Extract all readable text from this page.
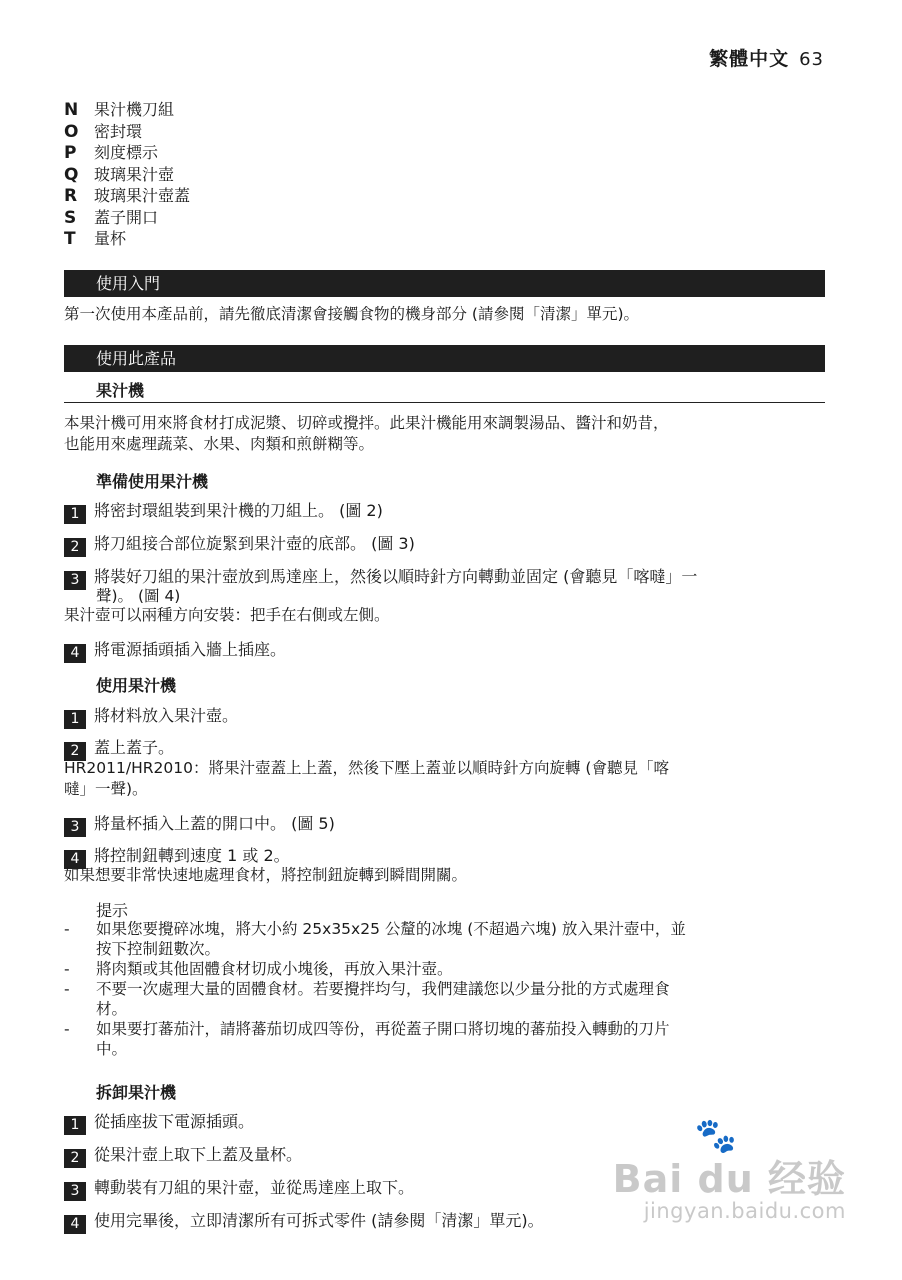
繁體中文 63
N 果汁機刀組
O 密封環
P 刻度標示
Q 玻璃果汁壺
R 玻璃果汁壺蓋
S 蓋子開口
T 量杯
使用入門
第一次使用本產品前，請先徹底清潔會接觸食物的機身部分 (請參閱「清潔」單元)。
使用此產品
果汁機
本果汁機可用來將食材打成泥漿、切碎或攪拌。此果汁機能用來調製湯品、醬汁和奶昔，
也能用來處理蔬菜、水果、肉類和煎餅糊等。
準備使用果汁機
1 將密封環組裝到果汁機的刀組上。 (圖 2)
2 將刀組接合部位旋緊到果汁壺的底部。 (圖 3)
3 將裝好刀組的果汁壺放到馬達座上，然後以順時針方向轉動並固定 (會聽見「喀噠」一
聲)。 (圖 4)
果汁壺可以兩種方向安裝：把手在右側或左側。
4 將電源插頭插入牆上插座。
使用果汁機
1 將材料放入果汁壺。
2 蓋上蓋子。
HR2011/HR2010：將果汁壺蓋上上蓋，然後下壓上蓋並以順時針方向旋轉 (會聽見「喀
噠」一聲)。
3 將量杯插入上蓋的開口中。 (圖 5)
4 將控制鈕轉到速度 1 或 2。
如果想要非常快速地處理食材，將控制鈕旋轉到瞬間開關。
提示
- 如果您要攪碎冰塊，將大小約 25x35x25 公釐的冰塊 (不超過六塊) 放入果汁壺中，並
按下控制鈕數次。
- 將肉類或其他固體食材切成小塊後，再放入果汁壺。
- 不要一次處理大量的固體食材。若要攪拌均勻，我們建議您以少量分批的方式處理食
材。
- 如果要打蕃茄汁，請將蕃茄切成四等份，再從蓋子開口將切塊的蕃茄投入轉動的刀片
中。
拆卸果汁機
1 從插座拔下電源插頭。
2 從果汁壺上取下上蓋及量杯。
3 轉動裝有刀組的果汁壺，並從馬達座上取下。
4 使用完畢後，立即清潔所有可拆式零件 (請參閱「清潔」單元)。
🐾
Bai du 经验
jingyan.baidu.com
